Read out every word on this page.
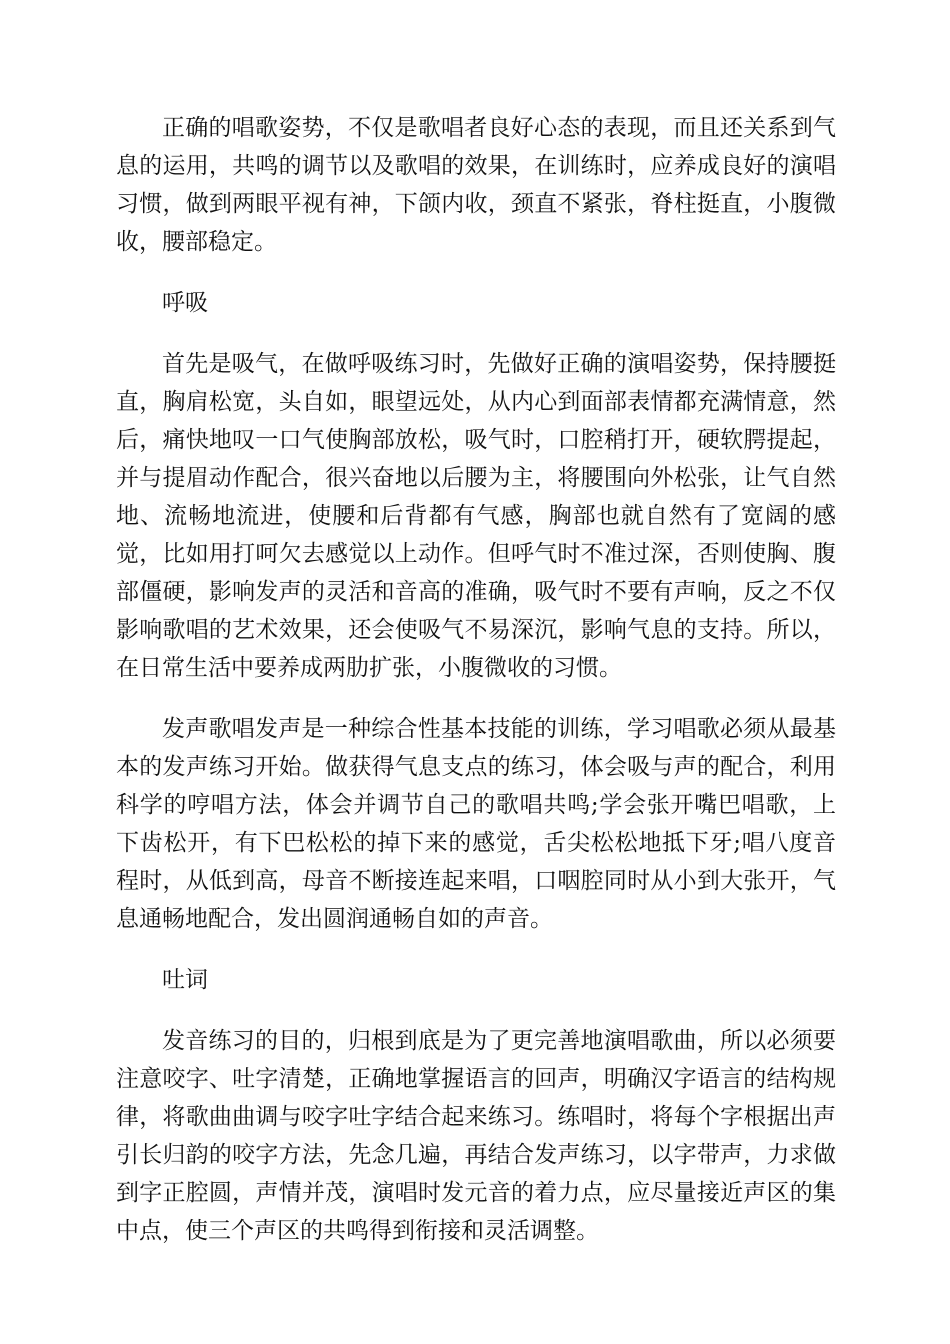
正确的唱歌姿势，不仅是歌唱者良好心态的表现，而且还关系到气息的运用，共鸣的调节以及歌唱的效果，在训练时，应养成良好的演唱习惯，做到两眼平视有神，下颌内收，颈直不紧张，脊柱挺直，小腹微收，腰部稳定。

呼吸

首先是吸气，在做呼吸练习时，先做好正确的演唱姿势，保持腰挺直，胸肩松宽，头自如，眼望远处，从内心到面部表情都充满情意，然后，痛快地叹一口气使胸部放松，吸气时，口腔稍打开，硬软腭提起，并与提眉动作配合，很兴奋地以后腰为主，将腰围向外松张，让气自然地、流畅地流进，使腰和后背都有气感，胸部也就自然有了宽阔的感觉，比如用打呵欠去感觉以上动作。但呼气时不准过深，否则使胸、腹部僵硬，影响发声的灵活和音高的准确，吸气时不要有声响，反之不仅影响歌唱的艺术效果，还会使吸气不易深沉，影响气息的支持。所以，在日常生活中要养成两肋扩张，小腹微收的习惯。

发声歌唱发声是一种综合性基本技能的训练，学习唱歌必须从最基本的发声练习开始。做获得气息支点的练习，体会吸与声的配合，利用科学的哼唱方法，体会并调节自己的歌唱共鸣;学会张开嘴巴唱歌，上下齿松开，有下巴松松的掉下来的感觉，舌尖松松地抵下牙;唱八度音程时，从低到高，母音不断接连起来唱，口咽腔同时从小到大张开，气息通畅地配合，发出圆润通畅自如的声音。

吐词

发音练习的目的，归根到底是为了更完善地演唱歌曲，所以必须要注意咬字、吐字清楚，正确地掌握语言的回声，明确汉字语言的结构规律，将歌曲曲调与咬字吐字结合起来练习。练唱时，将每个字根据出声引长归韵的咬字方法，先念几遍，再结合发声练习，以字带声，力求做到字正腔圆，声情并茂，演唱时发元音的着力点，应尽量接近声区的集中点，使三个声区的共鸣得到衔接和灵活调整。
